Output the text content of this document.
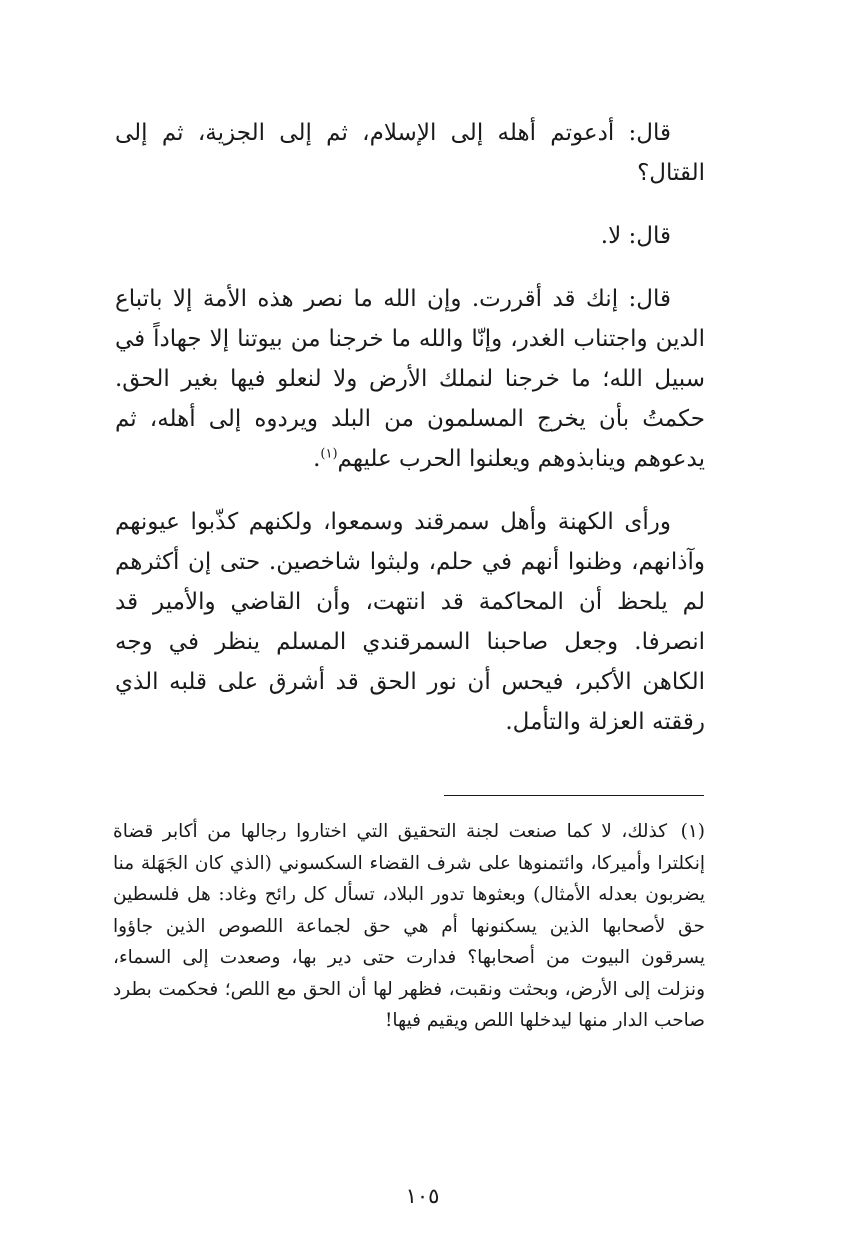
قال: أدعوتم أهله إلى الإسلام، ثم إلى الجزية، ثم إلى القتال؟

قال: لا.

قال: إنك قد أقررت. وإن الله ما نصر هذه الأمة إلا باتباع الدين واجتناب الغدر، وإنّا والله ما خرجنا من بيوتنا إلا جهاداً في سبيل الله؛ ما خرجنا لنملك الأرض ولا لنعلو فيها بغير الحق. حكمتُ بأن يخرج المسلمون من البلد ويردوه إلى أهله، ثم يدعوهم وينابذوهم ويعلنوا الحرب عليهم$^{(١)}$.

ورأى الكهنة وأهل سمرقند وسمعوا، ولكنهم كذّبوا عيونهم وآذانهم، وظنوا أنهم في حلم، ولبثوا شاخصين. حتى إن أكثرهم لم يلحظ أن المحاكمة قد انتهت، وأن القاضي والأمير قد انصرفا. وجعل صاحبنا السمرقندي المسلم ينظر في وجه الكاهن الأكبر، فيحس أن نور الحق قد أشرق على قلبه الذي رققته العزلة والتأمل.

(١) كذلك، لا كما صنعت لجنة التحقيق التي اختاروا رجالها من أكابر قضاة إنكلترا وأميركا، وائتمنوها على شرف القضاء السكسوني (الذي كان الجَهَلة منا يضربون بعدله الأمثال) وبعثوها تدور البلاد، تسأل كل رائح وغاد: هل فلسطين حق لأصحابها الذين يسكنونها أم هي حق لجماعة اللصوص الذين جاؤوا يسرقون البيوت من أصحابها؟ فدارت حتى دير بها، وصعدت إلى السماء، ونزلت إلى الأرض، وبحثت ونقبت، فظهر لها أن الحق مع اللص؛ فحكمت بطرد صاحب الدار منها ليدخلها اللص ويقيم فيها!
١٠٥
